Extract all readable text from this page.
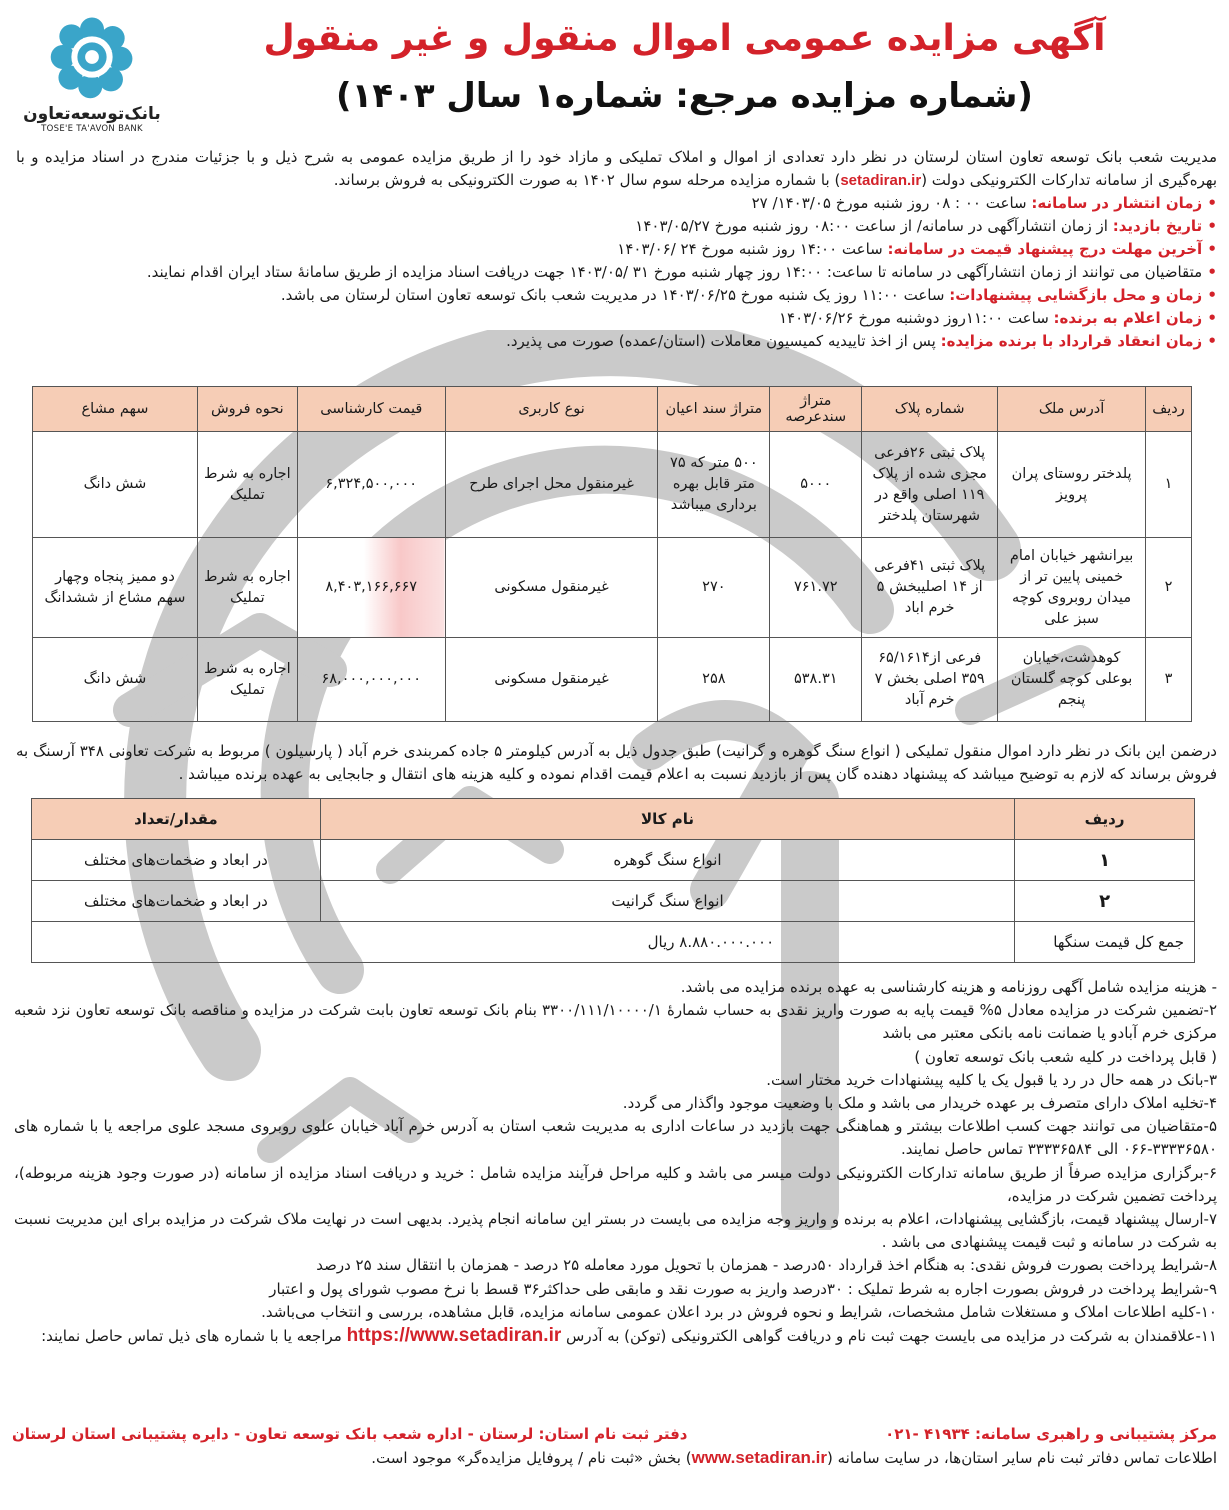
بانک‌توسعه‌تعاون
TOSE'E TA'AVON BANK
آگهی مزایده عمومی اموال منقول و غیر منقول
(شماره مزایده مرجع: شماره۱ سال ۱۴۰۳)
مدیریت شعب بانک توسعه تعاون استان لرستان در نظر دارد تعدادی از اموال و املاک تملیکی و مازاد خود را از طریق مزایده عمومی به شرح ذیل و با جزئیات مندرج در اسناد مزایده و با بهره‌گیری از سامانه تدارکات الکترونیکی دولت (setadiran.ir) با شماره مزایده مرحله سوم سال ۱۴۰۲ به صورت الکترونیکی به فروش برساند.
• زمان انتشار در سامانه: ساعت ۰۰ : ۰۸ روز شنبه مورخ ۱۴۰۳/۰۵/ ۲۷
• تاریخ بازدید: از زمان انتشارآگهی در سامانه/ از ساعت ۰۸:۰۰ روز شنبه مورخ ۱۴۰۳/۰۵/۲۷
• آخرین مهلت درج پیشنهاد قیمت در سامانه: ساعت ۱۴:۰۰ روز شنبه مورخ ۲۴ /۱۴۰۳/۰۶
• متقاضیان می توانند از زمان انتشارآگهی در سامانه تا ساعت: ۱۴:۰۰ روز چهار شنبه مورخ ۳۱ /۱۴۰۳/۰۵ جهت دریافت اسناد مزایده از طریق سامانهٔ ستاد ایران اقدام نمایند.
• زمان و محل بازگشایی پیشنهادات: ساعت ۱۱:۰۰ روز یک شنبه مورخ ۱۴۰۳/۰۶/۲۵ در مدیریت شعب بانک توسعه تعاون استان لرستان می باشد.
• زمان اعلام به برنده: ساعت ۱۱:۰۰روز دوشنبه مورخ ۱۴۰۳/۰۶/۲۶
• زمان انعقاد قرارداد با برنده مزایده: پس از اخذ تاییدیه کمیسیون معاملات (استان/عمده) صورت می پذیرد.
ردیف	آدرس ملک	شماره پلاک	متراژ سندعرصه	متراژ سند اعیان	نوع کاربری	قیمت کارشناسی	نحوه فروش	سهم مشاع
۱	پلدختر روستای پران پرویز	پلاک ثبتی ۲۶فرعی مجزی شده از پلاک ۱۱۹ اصلی واقع در شهرستان پلدختر	۵۰۰۰	۵۰۰ متر که ۷۵ متر قابل بهره برداری میباشد	غیرمنقول محل اجرای طرح	۶,۳۲۴,۵۰۰,۰۰۰	اجاره به شرط تملیک	شش دانگ
۲	بیرانشهر خیابان امام خمینی پایین تر از میدان روبروی کوچه سبز علی	پلاک ثبتی ۴۱فرعی از ۱۴ اصلیبخش ۵ خرم اباد	۷۶۱.۷۲	۲۷۰	غیرمنقول مسکونی	۸,۴۰۳,۱۶۶,۶۶۷	اجاره به شرط تملیک	دو ممیز پنجاه وچهار سهم مشاع از ششدانگ
۳	کوهدشت،خیابان بوعلی کوچه گلستان پنجم	فرعی از۶۵/۱۶۱۴ ۳۵۹ اصلی بخش ۷ خرم آباد	۵۳۸.۳۱	۲۵۸	غیرمنقول مسکونی	۶۸,۰۰۰,۰۰۰,۰۰۰	اجاره به شرط تملیک	شش دانگ
درضمن این بانک در نظر دارد اموال منقول تملیکی ( انواع سنگ گوهره و گرانیت) طبق جدول ذیل به آدرس کیلومتر ۵ جاده کمربندی خرم آباد ( پارسیلون ) مربوط به شرکت تعاونی ۳۴۸ آرسنگ به فروش برساند که لازم به توضیح میباشد که پیشنهاد دهنده گان پس از بازدید نسبت به اعلام قیمت اقدام نموده و کلیه هزینه های انتقال و جابجایی به عهده برنده میباشد .
ردیف	نام کالا	مقدار/تعداد
۱	انواع سنگ گوهره	در ابعاد و ضخمات‌های مختلف
۲	انواع سنگ گرانیت	در ابعاد و ضخمات‌های مختلف
جمع کل قیمت سنگها	۸.۸۸۰.۰۰۰.۰۰۰ ریال	

- هزینه مزایده شامل آگهی روزنامه و هزینه کارشناسی به عهده برنده مزایده می باشد.

۲-تضمین شرکت در مزایده معادل ۵% قیمت پایه به صورت واریز نقدی به حساب شمارهٔ ۳۳۰۰/۱۱۱/۱۰۰۰۰/۱ بنام بانک توسعه تعاون بابت شرکت در مزایده و مناقصه بانک توسعه تعاون نزد شعبه مرکزی خرم آبادو یا ضمانت نامه بانکی معتبر می باشد

( قابل پرداخت در کلیه شعب بانک توسعه تعاون )

۳-بانک در همه حال در رد یا قبول یک یا کلیه پیشنهادات خرید مختار است.

۴-تخلیه املاک دارای متصرف بر عهده خریدار می باشد و ملک با وضعیت موجود واگذار می گردد.

۵-متقاضیان می توانند جهت کسب اطلاعات بیشتر و هماهنگی جهت بازدید در ساعات اداری به مدیریت شعب استان به آدرس خرم آباد خیابان علوی روبروی مسجد علوی مراجعه یا با شماره های ۳۳۳۳۶۵۸۰-۰۶۶ الی ۳۳۳۳۶۵۸۴ تماس حاصل نمایند.

۶-برگزاری مزایده صرفاً از طریق سامانه تدارکات الکترونیکی دولت میسر می باشد و کلیه مراحل فرآیند مزایده شامل : خرید و دریافت اسناد مزایده از سامانه (در صورت وجود هزینه مربوطه)، پرداخت تضمین شرکت در مزایده،

۷-ارسال پیشنهاد قیمت، بازگشایی پیشنهادات، اعلام به برنده و واریز وجه مزایده می بایست در بستر این سامانه انجام پذیرد. بدیهی است در نهایت ملاک شرکت در مزایده برای این مدیریت نسبت به شرکت در سامانه و ثبت قیمت پیشنهادی می باشد .

۸-شرایط پرداخت بصورت فروش نقدی: به هنگام اخذ قرارداد ۵۰درصد - همزمان با تحویل مورد معامله ۲۵ درصد - همزمان با انتقال سند ۲۵ درصد

۹-شرایط پرداخت در فروش بصورت اجاره به شرط تملیک : ۳۰درصد واریز به صورت نقد و مابقی طی حداکثر۳۶ قسط با نرخ مصوب شورای پول و اعتبار

۱۰-کلیه اطلاعات املاک و مستغلات شامل مشخصات، شرایط و نحوه فروش در برد اعلان عمومی سامانه مزایده، قابل مشاهده، بررسی و انتخاب می‌باشد.

۱۱-علاقمندان به شرکت در مزایده می بایست جهت ثبت نام و دریافت گواهی الکترونیکی (توکن) به آدرس https://www.setadiran.ir مراجعه یا با شماره های ذیل تماس حاصل نمایند:

مرکز پشتیبانی و راهبری سامانه: ۴۱۹۳۴ -۰۲۱
دفتر ثبت نام استان: لرستان - اداره شعب بانک توسعه تعاون - دایره پشتیبانی استان لرستان
اطلاعات تماس دفاتر ثبت نام سایر استان‌ها، در سایت سامانه (www.setadiran.ir) بخش «ثبت نام / پروفایل مزایده‌گر» موجود است.
